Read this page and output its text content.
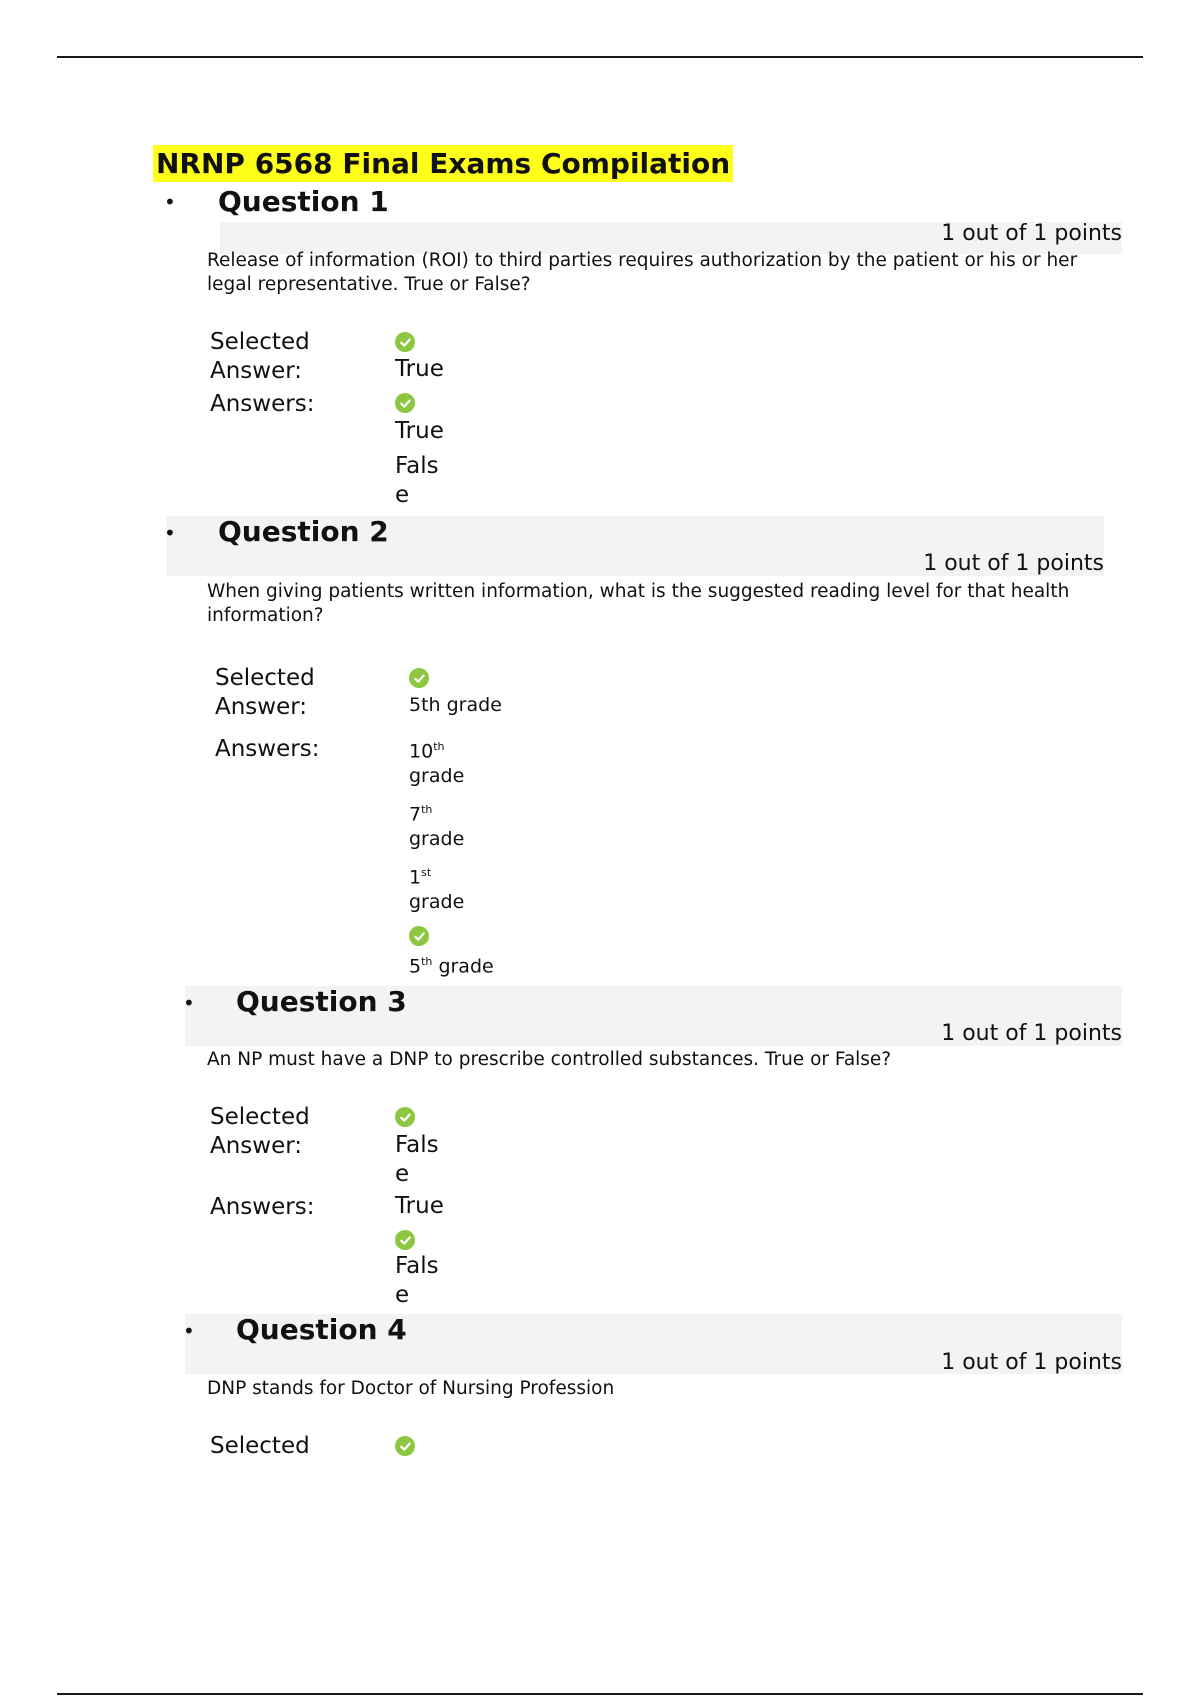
NRNP 6568 Final Exams Compilation
• Question 1
1 out of 1 points

Release of information (ROI) to third parties requires authorization by the patient or his or her legal representative. True or False?

Selected
Answer:	True
Answers:
True
False
• Question 2
1 out of 1 points

When giving patients written information, what is the suggested reading level for that health information?

Selected
Answer:	5th grade
Answers:	10th grade
7th grade
1st grade
5th grade
• Question 3
1 out of 1 points

An NP must have a DNP to prescribe controlled substances. True or False?

Selected
Answer:	False
Answers:	True
False
• Question 4
1 out of 1 points

DNP stands for Doctor of Nursing Profession

Selected
